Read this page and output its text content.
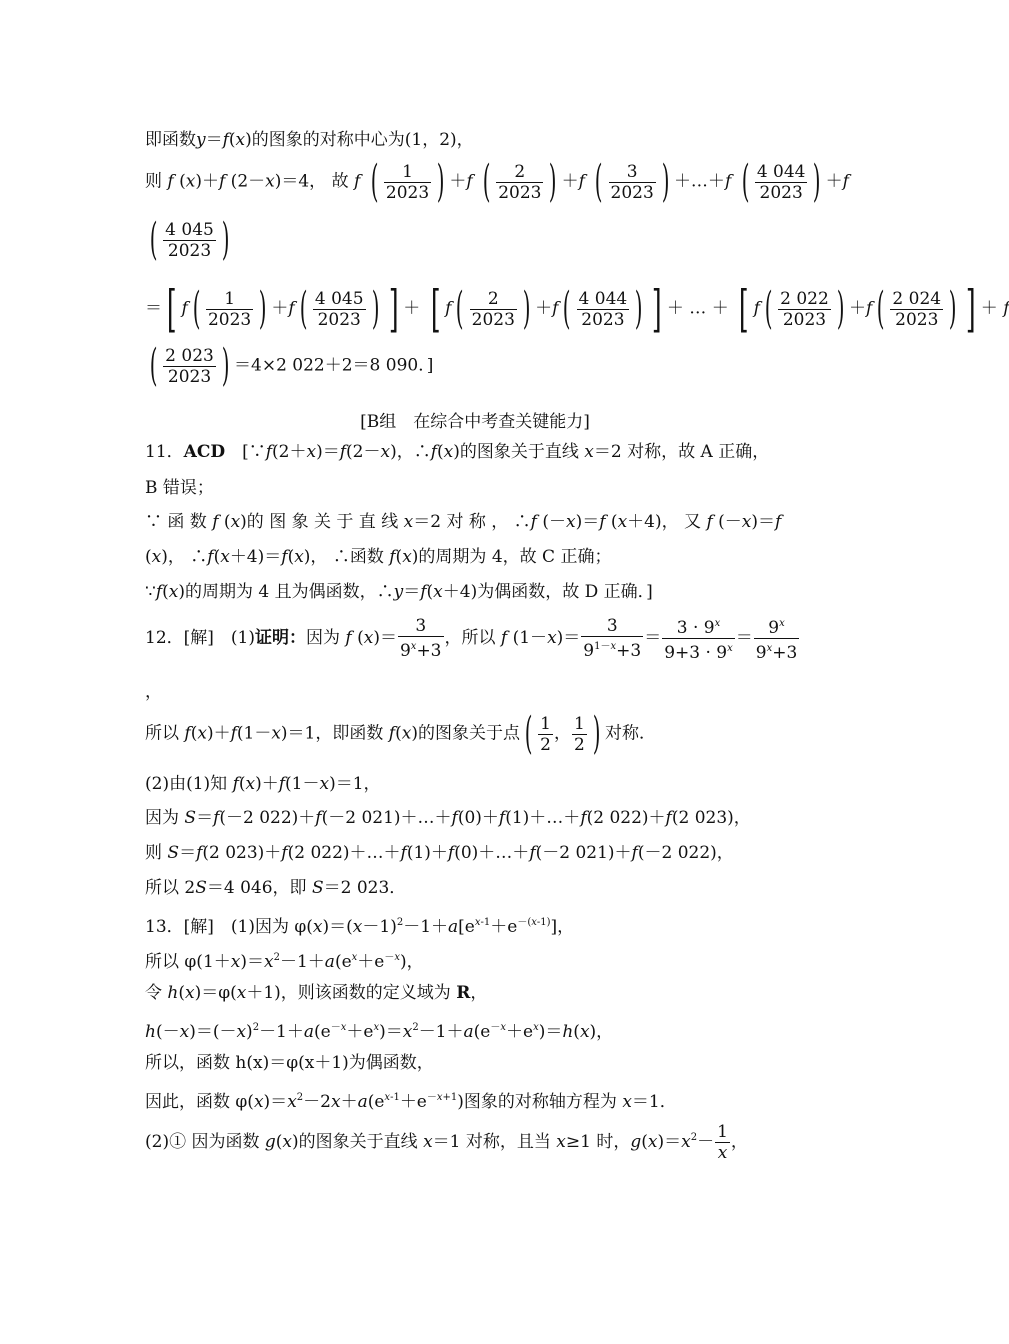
即函数y＝f(x)的图象的对称中心为(1，2)，
则 f (x)＋f (2－x)＝4， 故 f ( $\frac{1}{2023}$ ) ＋f ( $\frac{2}{2023}$ ) ＋f ( $\frac{3}{2023}$ ) ＋…＋f ( $\frac{4 044}{2023}$ ) ＋f
( $\frac{4 045}{2023}$ )
＝[ f ( $\frac{1}{2023}$ ) ＋f ( $\frac{4 045}{2023}$ ) ] ＋ [ f ( $\frac{2}{2023}$ ) ＋f ( $\frac{4 044}{2023}$ ) ] ＋ … ＋ [ f ( $\frac{2 022}{2023}$ ) ＋f ( $\frac{2 024}{2023}$ ) ] ＋ f
( $\frac{2 023}{2023}$ ) ＝4×2 022＋2＝8 090．]
[B组　在综合中考查关键能力]
11．ACD　[∵f(2＋x)＝f(2－x)，∴f(x)的图象关于直线 x＝2 对称，故 A 正确，
B 错误；
∵ 函 数 f (x)的 图 象 关 于 直 线 x＝2 对 称 ， ∴f (－x)＝f (x＋4)， 又 f (－x)＝f
(x)， ∴f(x＋4)＝f(x)， ∴函数 f(x)的周期为 4，故 C 正确；
∵f(x)的周期为 4 且为偶函数，∴y＝f(x＋4)为偶函数，故 D 正确．]
12．[解]　(1)证明：因为 f $(x)= \frac{3}{9^x+3}$ ，所以 f $(1-x)= \frac{3}{9^{1-x}+3} = \frac{3 \cdot 9^x}{9+3 \cdot 9^x} = \frac{9^x}{9^x+3}$
，
所以 f(x)＋f(1－x)＝1，即函数 f(x)的图象关于点 ( $\frac{1}{2}$ ， $\frac{1}{2}$ ) 对称．
(2)由(1)知 f(x)＋f(1－x)＝1，
因为 S＝f(－2 022)＋f(－2 021)＋…＋f(0)＋f(1)＋…＋f(2 022)＋f(2 023)，
则 S＝f(2 023)＋f(2 022)＋…＋f(1)＋f(0)＋…＋f(－2 021)＋f(－2 022)，
所以 2S＝4 046，即 S＝2 023．
13．[解]　(1)因为 $\varphi(x)=(x-1)^2-1+a[e^{x-1}+e^{-(x-1)}]$，
所以 $\varphi(1+x)=x^2-1+a(e^x+e^{-x})$，
令 h(x)＝φ(x＋1)，则该函数的定义域为 R，
$h(-x)=(-x)^2-1+a(e^{-x}+e^x)=x^2-1+a(e^{-x}+e^x)=h(x)$，
所以，函数 h(x)＝φ(x＋1)为偶函数，
因此，函数 $\varphi(x)=x^2-2x+a(e^{x-1}+e^{-x+1})$图象的对称轴方程为 x＝1．
(2)① 因为函数 g(x)的图象关于直线 x＝1 对称，且当 x≥1 时，$g(x)=x^2- \frac{1}{x}$ ，
